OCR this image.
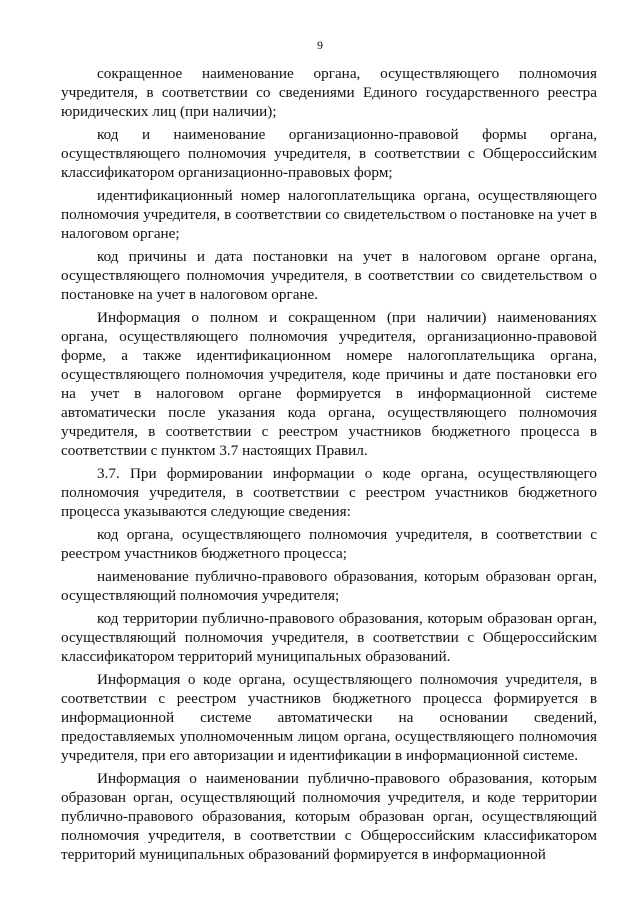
9

сокращенное наименование органа, осуществляющего полномочия учредителя, в соответствии со сведениями Единого государственного реестра юридических лиц (при наличии);

код и наименование организационно-правовой формы органа, осуществляющего полномочия учредителя, в соответствии с Общероссийским классификатором организационно-правовых форм;

идентификационный номер налогоплательщика органа, осуществляющего полномочия учредителя, в соответствии со свидетельством о постановке на учет в налоговом органе;

код причины и дата постановки на учет в налоговом органе органа, осуществляющего полномочия учредителя, в соответствии со свидетельством о постановке на учет в налоговом органе.

Информация о полном и сокращенном (при наличии) наименованиях органа, осуществляющего полномочия учредителя, организационно-правовой форме, а также идентификационном номере налогоплательщика органа, осуществляющего полномочия учредителя, коде причины и дате постановки его на учет в налоговом органе формируется в информационной системе автоматически после указания кода органа, осуществляющего полномочия учредителя, в соответствии с реестром участников бюджетного процесса в соответствии с пунктом 3.7 настоящих Правил.

3.7. При формировании информации о коде органа, осуществляющего полномочия учредителя, в соответствии с реестром участников бюджетного процесса указываются следующие сведения:

код органа, осуществляющего полномочия учредителя, в соответствии с реестром участников бюджетного процесса;

наименование публично-правового образования, которым образован орган, осуществляющий полномочия учредителя;

код территории публично-правового образования, которым образован орган, осуществляющий полномочия учредителя, в соответствии с Общероссийским классификатором территорий муниципальных образований.

Информация о коде органа, осуществляющего полномочия учредителя, в соответствии с реестром участников бюджетного процесса формируется в информационной системе автоматически на основании сведений, предоставляемых уполномоченным лицом органа, осуществляющего полномочия учредителя, при его авторизации и идентификации в информационной системе.

Информация о наименовании публично-правового образования, которым образован орган, осуществляющий полномочия учредителя, и коде территории публично-правового образования, которым образован орган, осуществляющий полномочия учредителя, в соответствии с Общероссийским классификатором территорий муниципальных образований формируется в информационной
